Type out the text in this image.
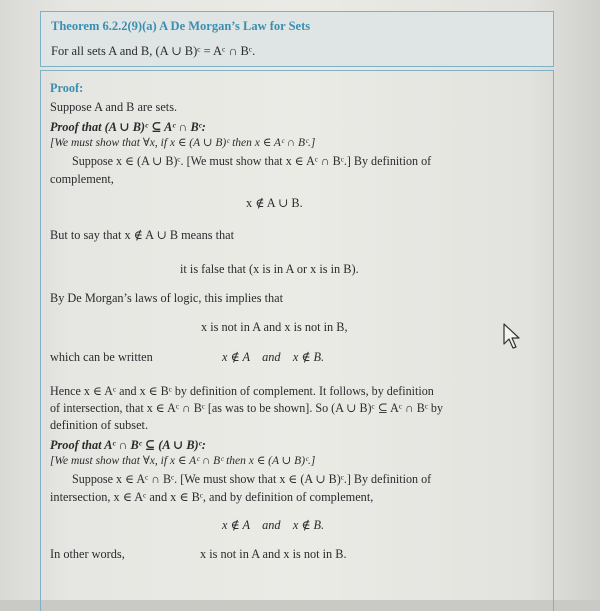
Theorem 6.2.2(9)(a) A De Morgan’s Law for Sets
For all sets A and B, (A ∪ B)ᶜ = Aᶜ ∩ Bᶜ.
Proof:
Suppose A and B are sets.
Proof that (A ∪ B)ᶜ ⊆ Aᶜ ∩ Bᶜ:
[We must show that ∀x, if x ∈ (A ∪ B)ᶜ then x ∈ Aᶜ ∩ Bᶜ.]
Suppose x ∈ (A ∪ B)ᶜ. [We must show that x ∈ Aᶜ ∩ Bᶜ.] By definition of
complement,
x ∉ A ∪ B.
But to say that x ∉ A ∪ B means that
it is false that (x is in A or x is in B).
By De Morgan’s laws of logic, this implies that
x is not in A and x is not in B,
which can be written	x ∉ A    and    x ∉ B.
Hence x ∈ Aᶜ and x ∈ Bᶜ by definition of complement. It follows, by definition
of intersection, that x ∈ Aᶜ ∩ Bᶜ [as was to be shown]. So (A ∪ B)ᶜ ⊆ Aᶜ ∩ Bᶜ by
definition of subset.
Proof that Aᶜ ∩ Bᶜ ⊆ (A ∪ B)ᶜ:
[We must show that ∀x, if x ∈ Aᶜ ∩ Bᶜ then x ∈ (A ∪ B)ᶜ.]
Suppose x ∈ Aᶜ ∩ Bᶜ. [We must show that x ∈ (A ∪ B)ᶜ.] By definition of
intersection, x ∈ Aᶜ and x ∈ Bᶜ, and by definition of complement,
x ∉ A    and    x ∉ B.
In other words,	x is not in A and x is not in B.
